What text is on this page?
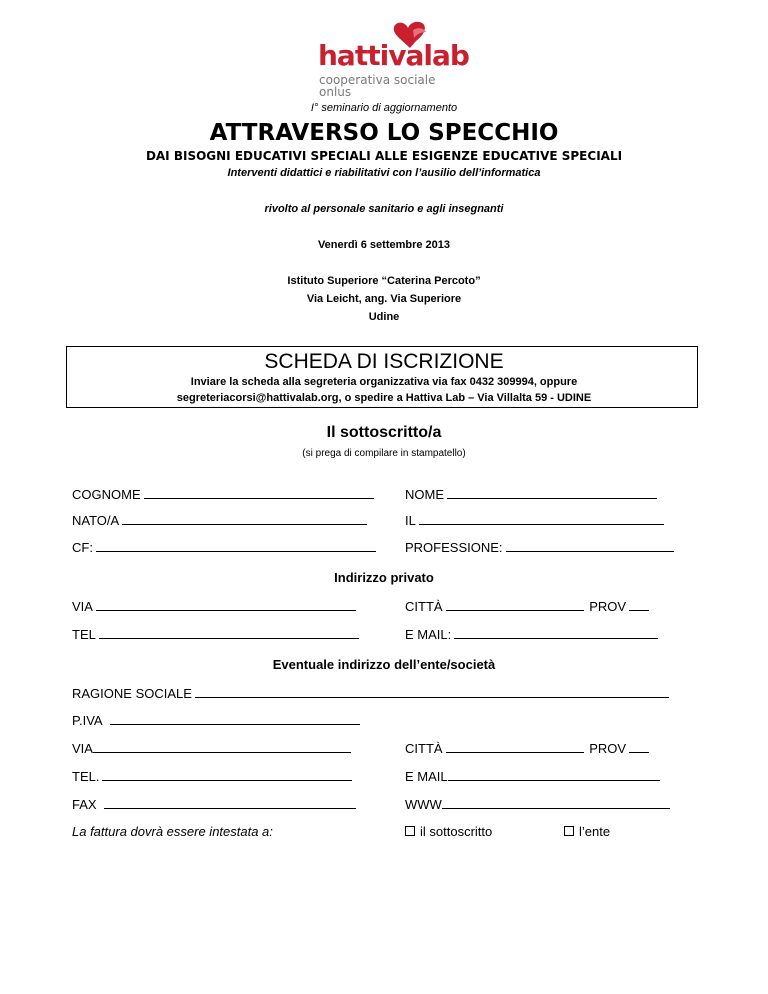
hattivalab
cooperativa sociale onlus
I° seminario di aggiornamento
ATTRAVERSO LO SPECCHIO
DAI BISOGNI EDUCATIVI SPECIALI ALLE ESIGENZE EDUCATIVE SPECIALI
Interventi didattici e riabilitativi con l’ausilio dell’informatica
rivolto al personale sanitario e agli insegnanti
Venerdì 6 settembre 2013
Istituto Superiore “Caterina Percoto”
Via Leicht, ang. Via Superiore
Udine
SCHEDA DI ISCRIZIONE
Inviare la scheda alla segreteria organizzativa via fax 0432 309994, oppure
segreteriacorsi@hattivalab.org, o spedire a Hattiva Lab – Via Villalta 59 - UDINE
Il sottoscritto/a
(si prega di compilare in stampatello)
COGNOME	NOME
NATO/A	IL
CF:	PROFESSIONE:
Indirizzo privato
VIA	CITTÀ	PROV
TEL	E MAIL:
Eventuale indirizzo dell’ente/società
RAGIONE SOCIALE
P.IVA
VIA	CITTÀ	PROV
TEL.	E MAIL
FAX	WWW
La fattura dovrà essere intestata a:	il sottoscritto	l’ente
